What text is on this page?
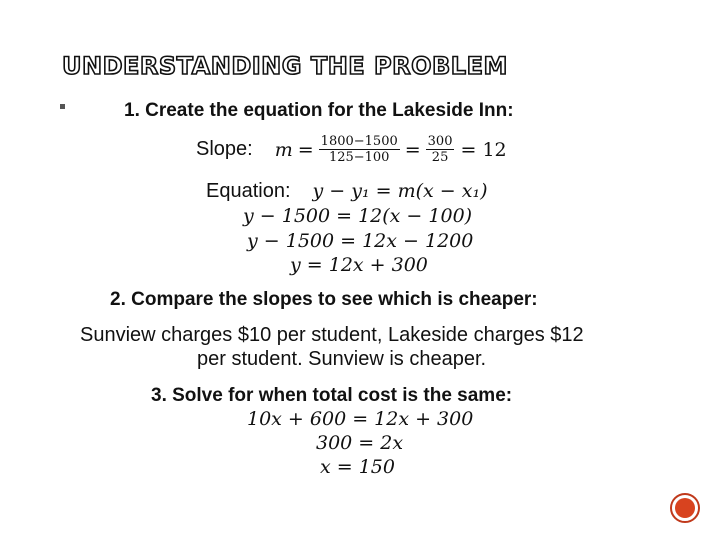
UNDERSTANDING THE PROBLEM
1. Create the equation for the Lakeside Inn:
Slope: $m = \frac{1800-1500}{125-100} = \frac{300}{25} = 12$
Equation: y − y₁ = m(x − x₁)
y − 1500 = 12(x − 100)
y − 1500 = 12x − 1200
y = 12x + 300
2. Compare the slopes to see which is cheaper:
Sunview charges $10 per student, Lakeside charges $12
per student. Sunview is cheaper.
3. Solve for when total cost is the same:
10x + 600 = 12x + 300
300 = 2x
x = 150
